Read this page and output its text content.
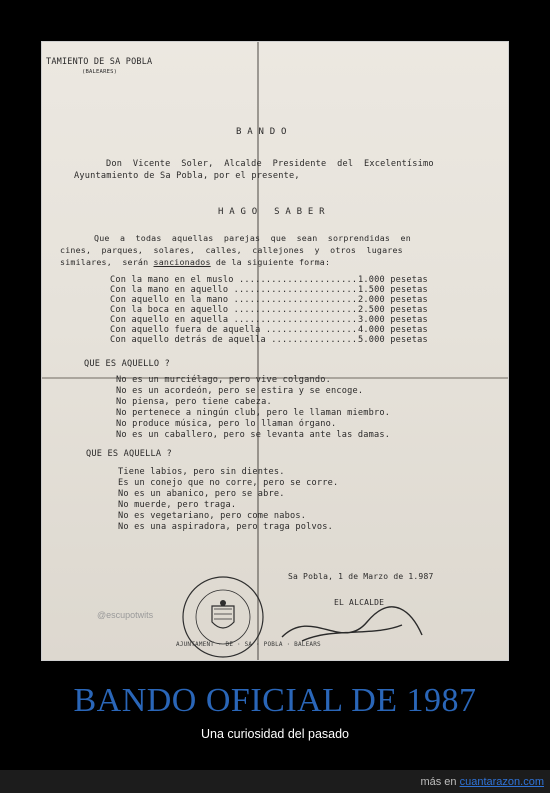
TAMIENTO DE SA POBLA
(BALEARES)
B A N D O
Don  Vicente  Soler,  Alcalde  Presidente  del  Excelentísimo
Ayuntamiento de Sa Pobla, por el presente,
H A G O   S A B E R
Que  a  todas  aquellas  parejas  que  sean  sorprendidas  en
cines,  parques,  solares,  calles,  callejones  y  otros  lugares
similares,  serán sancionados de la siguiente forma:
Con la mano en el muslo ...................... 1.000 pesetas
Con la mano en aquello ....................... 1.500 pesetas
Con aquello en la mano ....................... 2.000 pesetas
Con la boca en aquello ....................... 2.500 pesetas
Con aquello en aquella ....................... 3.000 pesetas
Con aquello fuera de aquella ................. 4.000 pesetas
Con aquello detrás de aquella ................ 5.000 pesetas
QUE ES AQUELLO ?
No es un murciélago, pero vive colgando.
No es un acordeón, pero se estira y se encoge.
No piensa, pero tiene cabeza.
No pertenece a ningún club, pero le llaman miembro.
No produce música, pero lo llaman órgano.
No es un caballero, pero se levanta ante las damas.
QUE ES AQUELLA ?
Tiene labios, pero sin dientes.
Es un conejo que no corre, pero se corre.
No es un abanico, pero se abre.
No muerde, pero traga.
No es vegetariano, pero come nabos.
No es una aspiradora, pero traga polvos.
Sa Pobla, 1 de Marzo de 1.987
EL ALCALDE
AJUNTAMENT · DE · SA · POBLA · BALEARS
@escupotwits
BANDO OFICIAL DE 1987
Una curiosidad del pasado
más en cuantarazon.com
